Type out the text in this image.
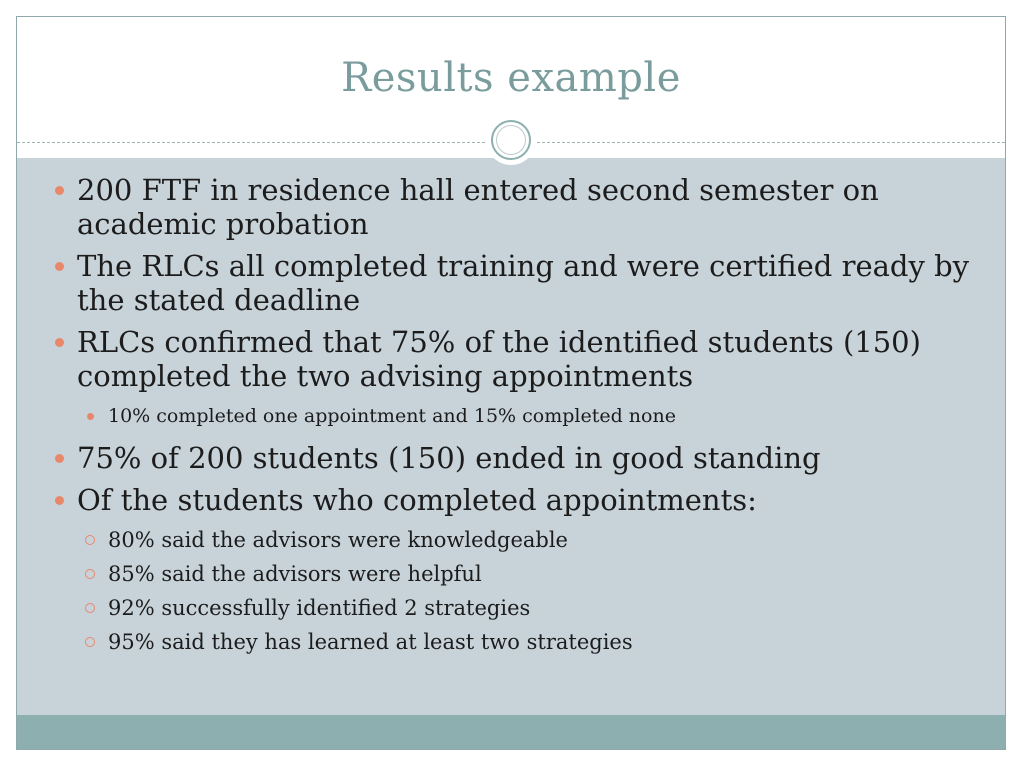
Results example
200 FTF in residence hall entered second semester on academic probation
The RLCs all completed training and were certified ready by the stated deadline
RLCs confirmed that 75% of the identified students (150) completed the two advising appointments
10% completed one appointment and 15% completed none
75% of 200 students (150) ended in good standing
Of the students who completed appointments:
80% said the advisors were knowledgeable
85% said the advisors were helpful
92% successfully identified 2 strategies
95% said they has learned at least two strategies
